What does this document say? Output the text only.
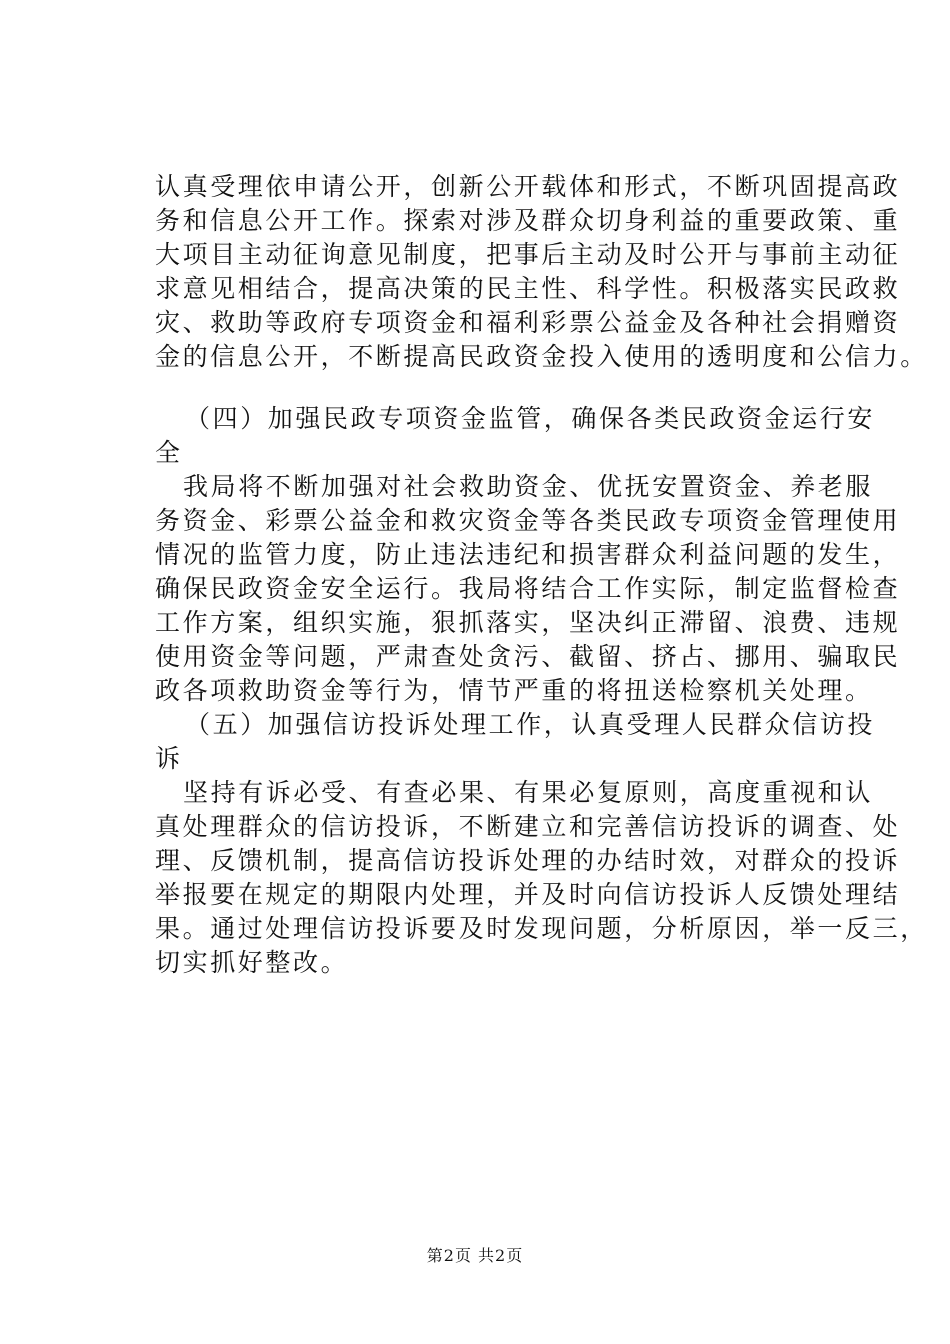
认真受理依申请公开，创新公开载体和形式，不断巩固提高政
务和信息公开工作。探索对涉及群众切身利益的重要政策、重
大项目主动征询意见制度，把事后主动及时公开与事前主动征
求意见相结合，提高决策的民主性、科学性。积极落实民政救
灾、救助等政府专项资金和福利彩票公益金及各种社会捐赠资
金的信息公开，不断提高民政资金投入使用的透明度和公信力。
（四）加强民政专项资金监管，确保各类民政资金运行安
全
我局将不断加强对社会救助资金、优抚安置资金、养老服
务资金、彩票公益金和救灾资金等各类民政专项资金管理使用
情况的监管力度，防止违法违纪和损害群众利益问题的发生，
确保民政资金安全运行。我局将结合工作实际，制定监督检查
工作方案，组织实施，狠抓落实，坚决纠正滞留、浪费、违规
使用资金等问题，严肃查处贪污、截留、挤占、挪用、骗取民
政各项救助资金等行为，情节严重的将扭送检察机关处理。
（五）加强信访投诉处理工作，认真受理人民群众信访投
诉
坚持有诉必受、有查必果、有果必复原则，高度重视和认
真处理群众的信访投诉，不断建立和完善信访投诉的调查、处
理、反馈机制，提高信访投诉处理的办结时效，对群众的投诉
举报要在规定的期限内处理，并及时向信访投诉人反馈处理结
果。通过处理信访投诉要及时发现问题，分析原因，举一反三，
切实抓好整改。
第2页 共2页
